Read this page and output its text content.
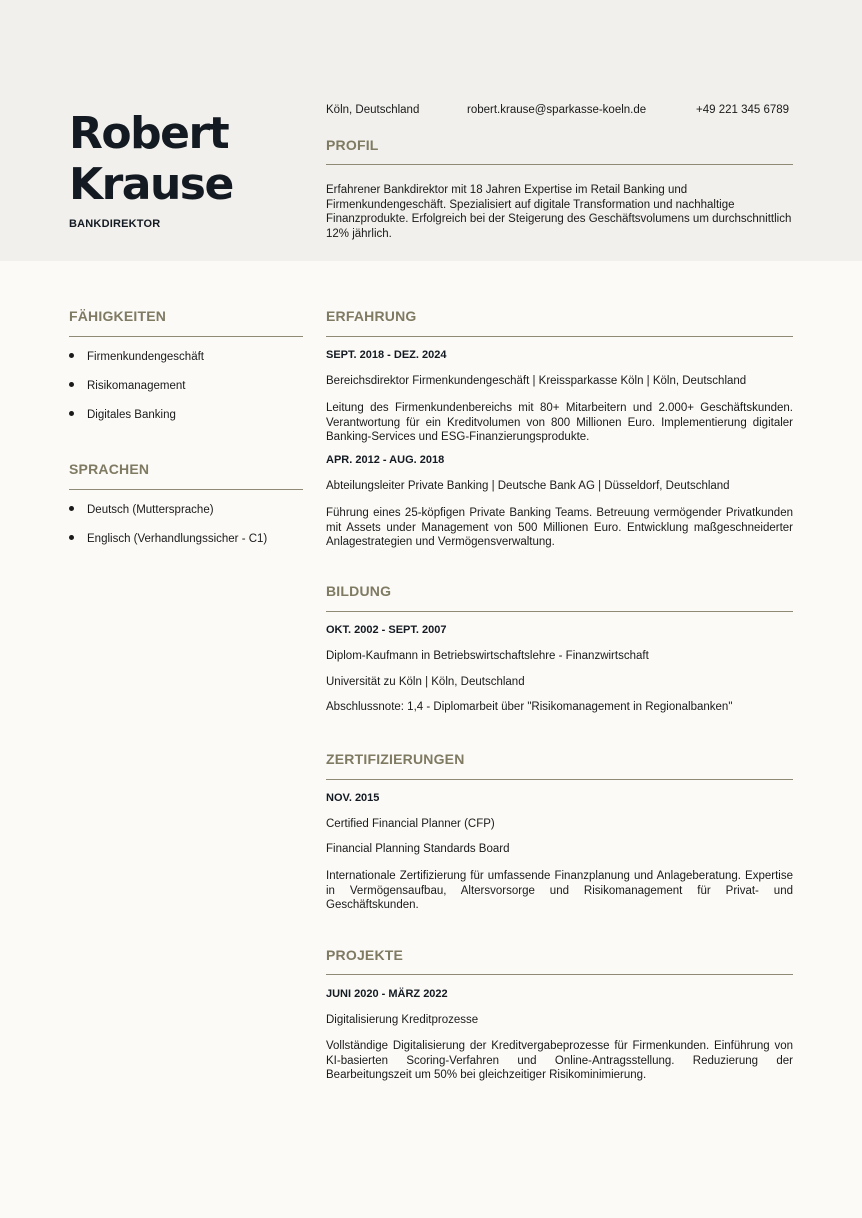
Robert
Krause
BANKDIREKTOR
Köln, Deutschland	robert.krause@sparkasse-koeln.de	+49 221 345 6789
PROFIL
Erfahrener Bankdirektor mit 18 Jahren Expertise im Retail Banking und Firmenkundengeschäft. Spezialisiert auf digitale Transformation und nachhaltige Finanzprodukte. Erfolgreich bei der Steigerung des Geschäftsvolumens um durchschnittlich 12% jährlich.
FÄHIGKEITEN
Firmenkundengeschäft
Risikomanagement
Digitales Banking
SPRACHEN
Deutsch (Muttersprache)
Englisch (Verhandlungssicher - C1)
ERFAHRUNG
SEPT. 2018 - DEZ. 2024
Bereichsdirektor Firmenkundengeschäft | Kreissparkasse Köln | Köln, Deutschland
Leitung des Firmenkundenbereichs mit 80+ Mitarbeitern und 2.000+ Geschäftskunden. Verantwortung für ein Kreditvolumen von 800 Millionen Euro. Implementierung digitaler Banking-Services und ESG-Finanzierungsprodukte.
APR. 2012 - AUG. 2018
Abteilungsleiter Private Banking | Deutsche Bank AG | Düsseldorf, Deutschland
Führung eines 25-köpfigen Private Banking Teams. Betreuung vermögender Privatkunden mit Assets under Management von 500 Millionen Euro. Entwicklung maßgeschneiderter Anlagestrategien und Vermögensverwaltung.
BILDUNG
OKT. 2002 - SEPT. 2007
Diplom-Kaufmann in Betriebswirtschaftslehre - Finanzwirtschaft
Universität zu Köln | Köln, Deutschland
Abschlussnote: 1,4 - Diplomarbeit über "Risikomanagement in Regionalbanken"
ZERTIFIZIERUNGEN
NOV. 2015
Certified Financial Planner (CFP)
Financial Planning Standards Board
Internationale Zertifizierung für umfassende Finanzplanung und Anlageberatung. Expertise in Vermögensaufbau, Altersvorsorge und Risikomanagement für Privat- und Geschäftskunden.
PROJEKTE
JUNI 2020 - MÄRZ 2022
Digitalisierung Kreditprozesse
Vollständige Digitalisierung der Kreditvergabeprozesse für Firmenkunden. Einführung von KI-basierten Scoring-Verfahren und Online-Antragsstellung. Reduzierung der Bearbeitungszeit um 50% bei gleichzeitiger Risikominimierung.
